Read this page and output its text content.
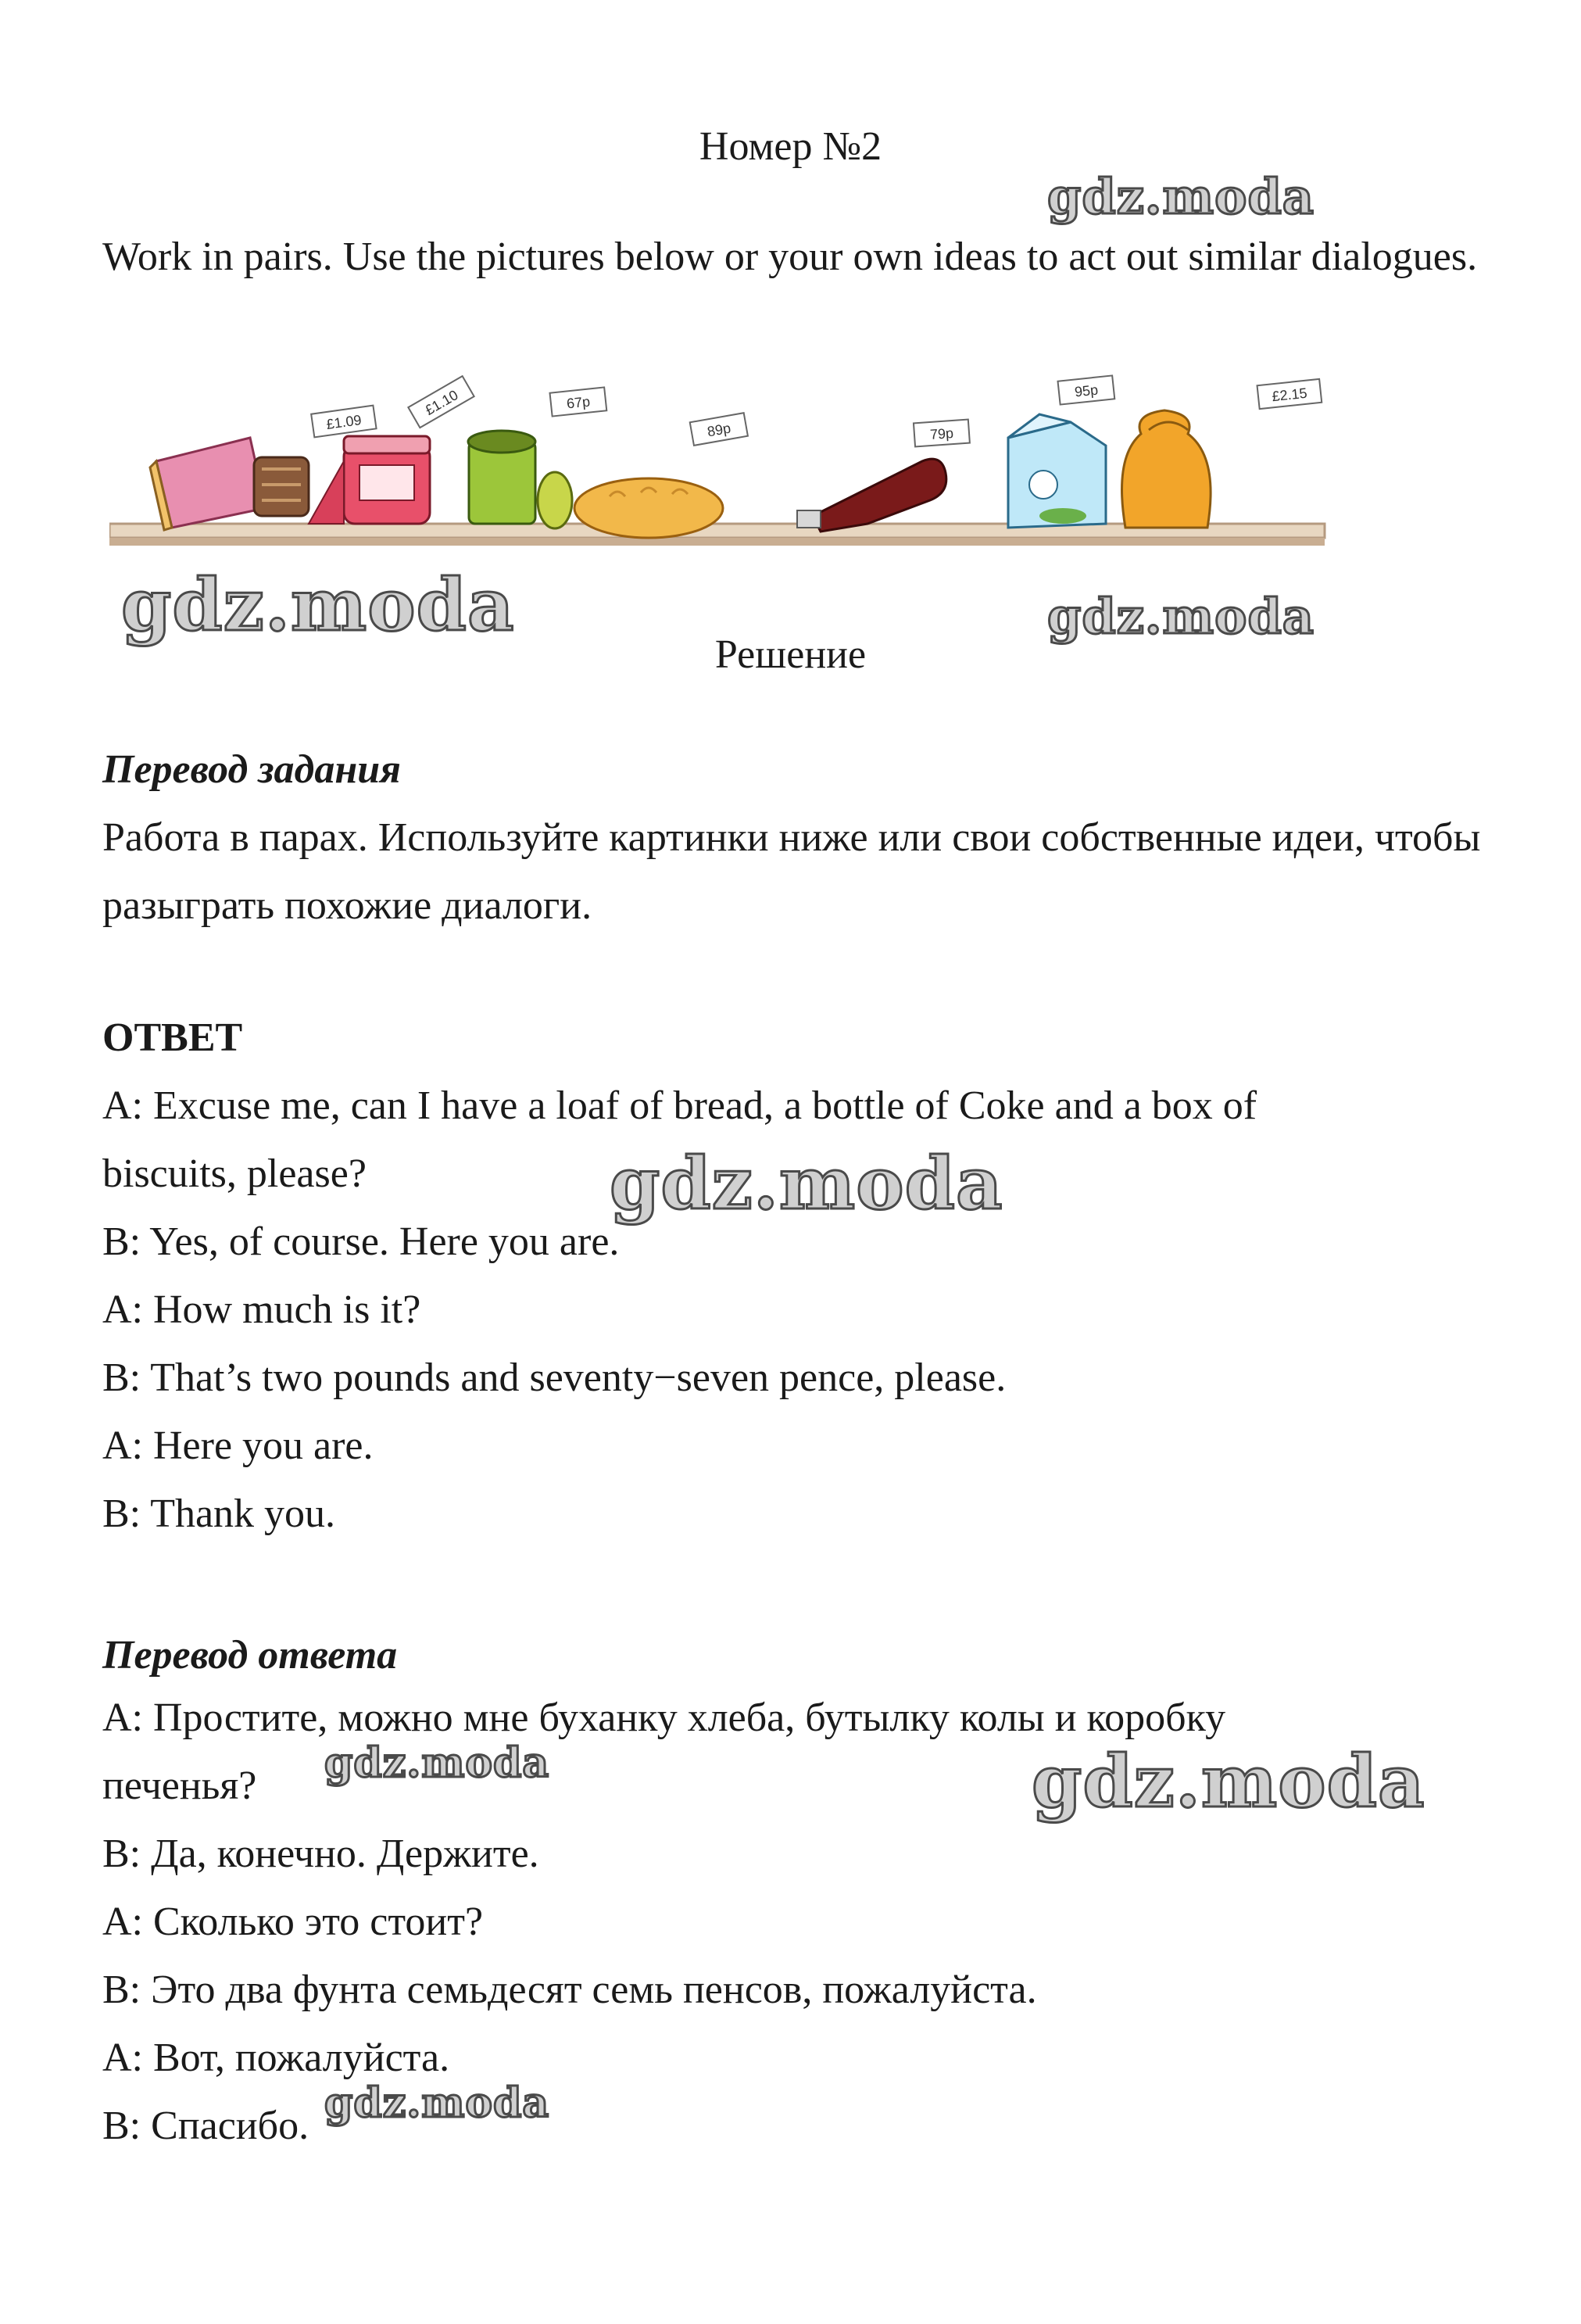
Номер №2
Work in pairs. Use the pictures below or your own ideas to act out similar dialogues.
£1.09
£1.10	67p
89p	79p
95p	£2.15
Решение
Перевод задания
Работа в парах. Используйте картинки ниже или свои собственные идеи, чтобы разыграть похожие диалоги.
ОТВЕТ
A: Excuse me, can I have a loaf of bread, a bottle of Coke and a box of
biscuits, please?
B: Yes, of course. Here you are.
A: How much is it?
B: That’s two pounds and seventy−seven pence, please.
A: Here you are.
B: Thank you.
Перевод ответа
A: Простите, можно мне буханку хлеба, бутылку колы и коробку
печенья?
B: Да, конечно. Держите.
A: Сколько это стоит?
B: Это два фунта семьдесят семь пенсов, пожалуйста.
A: Вот, пожалуйста.
B: Спасибо.
gdz.moda
gdz.moda	gdz.moda
gdz.moda
gdz.moda	gdz.moda
gdz.moda
